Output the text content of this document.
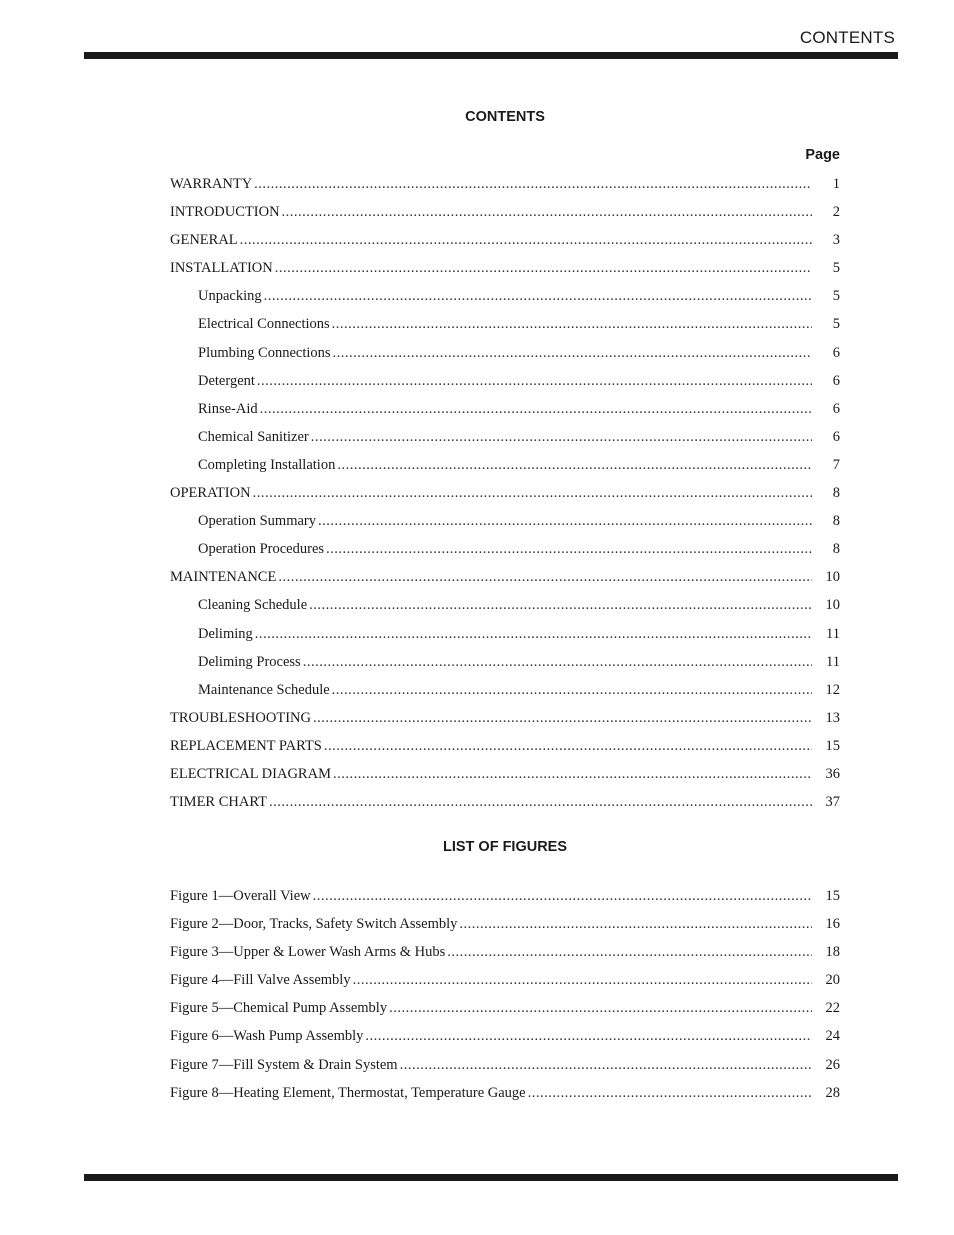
CONTENTS
CONTENTS
Page
WARRANTY .....	1
INTRODUCTION .....	2
GENERAL .....	3
INSTALLATION .....	5
Unpacking .....	5
Electrical Connections .....	5
Plumbing Connections .....	6
Detergent .....	6
Rinse-Aid .....	6
Chemical Sanitizer .....	6
Completing Installation .....	7
OPERATION .....	8
Operation Summary .....	8
Operation Procedures .....	8
MAINTENANCE .....	10
Cleaning Schedule .....	10
Deliming .....	11
Deliming Process .....	11
Maintenance Schedule .....	12
TROUBLESHOOTING .....	13
REPLACEMENT PARTS .....	15
ELECTRICAL DIAGRAM .....	36
TIMER CHART .....	37
LIST OF FIGURES
Figure 1—Overall View .....	15
Figure 2—Door, Tracks, Safety Switch Assembly .....	16
Figure 3—Upper & Lower Wash Arms & Hubs .....	18
Figure 4—Fill Valve Assembly .....	20
Figure 5—Chemical Pump Assembly .....	22
Figure 6—Wash Pump Assembly .....	24
Figure 7—Fill System & Drain System .....	26
Figure 8—Heating Element, Thermostat, Temperature Gauge .....	28
